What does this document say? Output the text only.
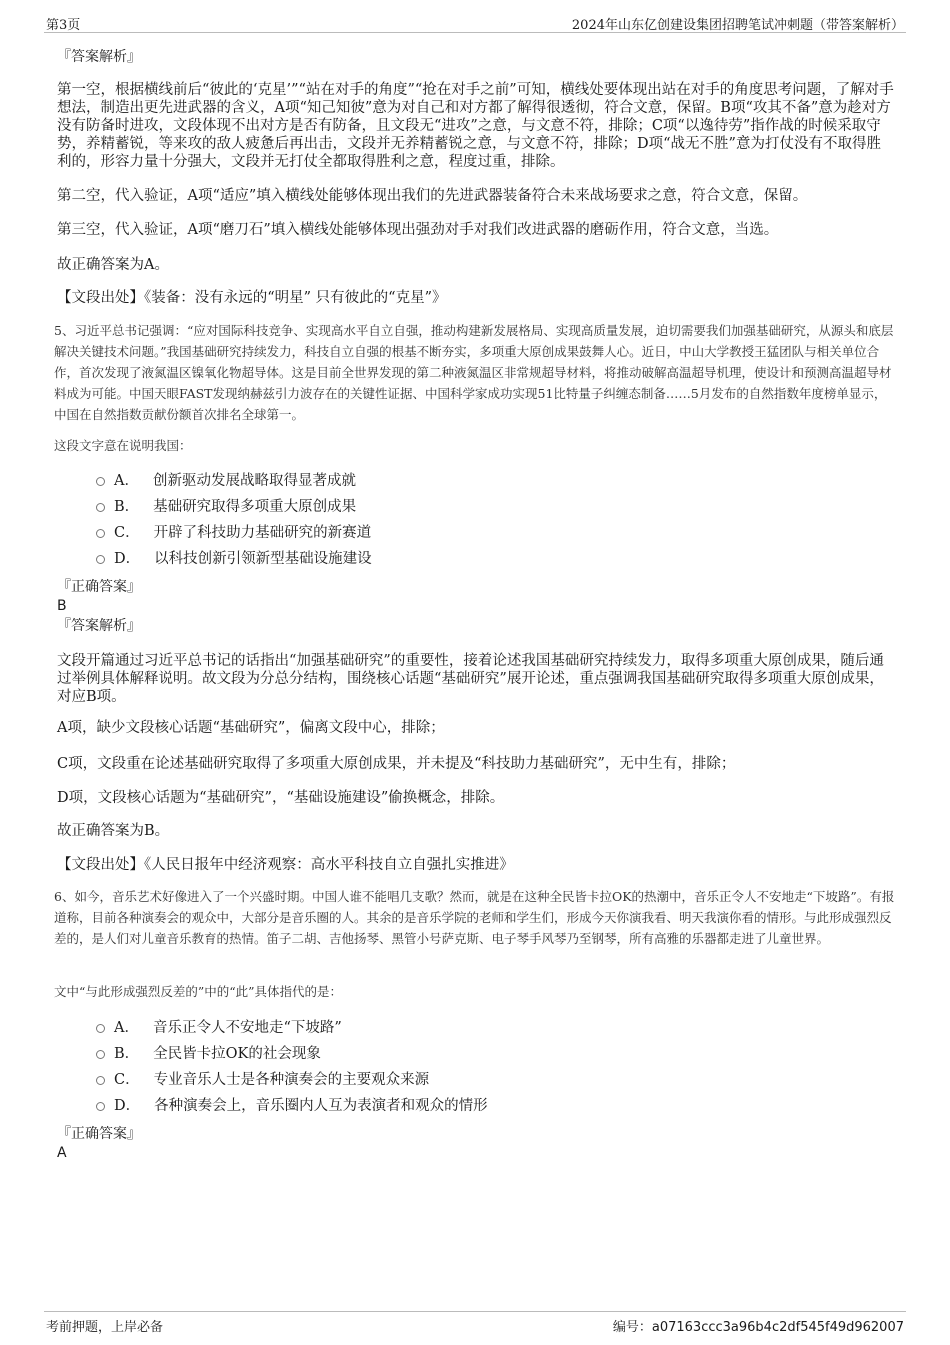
第3页	2024年山东亿创建设集团招聘笔试冲刺题（带答案解析）

『答案解析』

第一空，根据横线前后“彼此的‘克星’”“站在对手的角度”“抢在对手之前”可知，横线处要体现出站在对手的角度思考问题，了解对手想法，制造出更先进武器的含义，A项“知己知彼”意为对自己和对方都了解得很透彻，符合文意，保留。B项“攻其不备”意为趁对方没有防备时进攻，文段体现不出对方是否有防备，且文段无“进攻”之意，与文意不符，排除；C项“以逸待劳”指作战的时候采取守势，养精蓄锐，等来攻的敌人疲惫后再出击，文段并无养精蓄锐之意，与文意不符，排除；D项“战无不胜”意为打仗没有不取得胜利的，形容力量十分强大，文段并无打仗全都取得胜利之意，程度过重，排除。

第二空，代入验证，A项“适应”填入横线处能够体现出我们的先进武器装备符合未来战场要求之意，符合文意，保留。

第三空，代入验证，A项“磨刀石”填入横线处能够体现出强劲对手对我们改进武器的磨砺作用，符合文意，当选。

故正确答案为A。

【文段出处】《装备：没有永远的“明星” 只有彼此的“克星”》

5、习近平总书记强调：“应对国际科技竞争、实现高水平自立自强，推动构建新发展格局、实现高质量发展，迫切需要我们加强基础研究，从源头和底层解决关键技术问题。”我国基础研究持续发力，科技自立自强的根基不断夯实，多项重大原创成果鼓舞人心。近日，中山大学教授王猛团队与相关单位合作，首次发现了液氮温区镍氧化物超导体。这是目前全世界发现的第二种液氮温区非常规超导材料，将推动破解高温超导机理，使设计和预测高温超导材料成为可能。中国天眼FAST发现纳赫兹引力波存在的关键性证据、中国科学家成功实现51比特量子纠缠态制备……5月发布的自然指数年度榜单显示，中国在自然指数贡献份额首次排名全球第一。

这段文字意在说明我国：

A． 创新驱动发展战略取得显著成就
B． 基础研究取得多项重大原创成果
C． 开辟了科技助力基础研究的新赛道
D． 以科技创新引领新型基础设施建设

『正确答案』

B

『答案解析』

文段开篇通过习近平总书记的话指出“加强基础研究”的重要性，接着论述我国基础研究持续发力，取得多项重大原创成果，随后通过举例具体解释说明。故文段为分总分结构，围绕核心话题“基础研究”展开论述，重点强调我国基础研究取得多项重大原创成果，对应B项。

A项，缺少文段核心话题“基础研究”，偏离文段中心，排除；

C项，文段重在论述基础研究取得了多项重大原创成果，并未提及“科技助力基础研究”，无中生有，排除；

D项，文段核心话题为“基础研究”，“基础设施建设”偷换概念，排除。

故正确答案为B。

【文段出处】《人民日报年中经济观察：高水平科技自立自强扎实推进》

6、如今，音乐艺术好像进入了一个兴盛时期。中国人谁不能唱几支歌？然而，就是在这种全民皆卡拉OK的热潮中，音乐正令人不安地走“下坡路”。有报道称，目前各种演奏会的观众中，大部分是音乐圈的人。其余的是音乐学院的老师和学生们，形成今天你演我看、明天我演你看的情形。与此形成强烈反差的，是人们对儿童音乐教育的热情。笛子二胡、吉他扬琴、黑管小号萨克斯、电子琴手风琴乃至钢琴，所有高雅的乐器都走进了儿童世界。

文中“与此形成强烈反差的”中的“此”具体指代的是：

A． 音乐正令人不安地走“下坡路”
B． 全民皆卡拉OK的社会现象
C． 专业音乐人士是各种演奏会的主要观众来源
D． 各种演奏会上，音乐圈内人互为表演者和观众的情形

『正确答案』

A

考前押题，上岸必备	编号：a07163ccc3a96b4c2df545f49d962007
